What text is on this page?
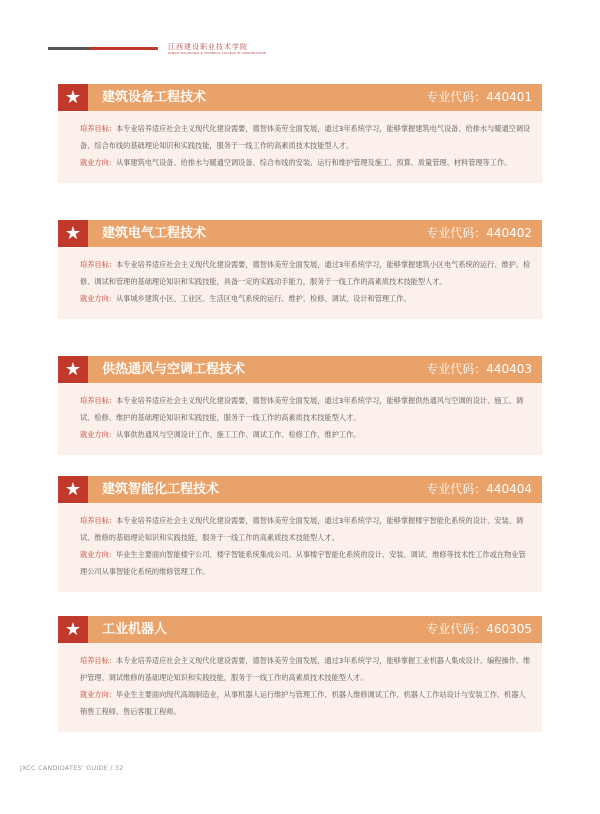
江西建设职业技术学院
JIANGXI VOCATIONAL & TECHNICAL COLLEGE OF CONSTRUCTION
★	建筑设备工程技术	专业代码：440401
培养目标：本专业培养适应社会主义现代化建设需要，德智体美劳全面发展，通过3年系统学习，能够掌握建筑电气设备、给排水与暖通空调设备、综合布线的基础理论知识和实践技能，服务于一线工作的高素质技术技能型人才。
就业方向：从事建筑电气设备、给排水与暖通空调设备、综合布线的安装、运行和维护管理及施工、预算、质量管理、材料管理等工作。
★	建筑电气工程技术	专业代码：440402
培养目标：本专业培养适应社会主义现代化建设需要，德智体美劳全面发展，通过3年系统学习，能够掌握建筑小区电气系统的运行、维护、检修、调试和管理的基础理论知识和实践技能，具备一定的实践动手能力，服务于一线工作的高素质技术技能型人才。
就业方向：从事城乡建筑小区、工业区、生活区电气系统的运行、维护、检修、调试、设计和管理工作。
★	供热通风与空调工程技术	专业代码：440403
培养目标：本专业培养适应社会主义现代化建设需要，德智体美劳全面发展，通过3年系统学习，能够掌握供热通风与空调的设计、施工、调试、检修、维护的基础理论知识和实践技能，服务于一线工作的高素质技术技能型人才。
就业方向：从事供热通风与空调设计工作、施工工作、调试工作、检修工作、维护工作。
★	建筑智能化工程技术	专业代码：440404
培养目标：本专业培养适应社会主义现代化建设需要，德智体美劳全面发展，通过3年系统学习，能够掌握楼宇智能化系统的设计、安装、调试、维修的基础理论知识和实践技能，服务于一线工作的高素质技术技能型人才。
就业方向：毕业生主要面向智能楼宇公司、楼宇智能系统集成公司。从事楼宇智能化系统的设计、安装、调试、维修等技术性工作或在物业管理公司从事智能化系统的维修管理工作。
★	工业机器人	专业代码：460305
培养目标：本专业培养适应社会主义现代化建设需要，德智体美劳全面发展，通过3年系统学习，能够掌握工业机器人集成设计、编程操作、维护管理、调试维修的基础理论知识和实践技能，服务于一线工作的高素质技术技能型人才。
就业方向：毕业生主要面向现代高端制造业，从事机器人运行维护与管理工作、机器人维修调试工作、机器人工作站设计与安装工作、机器人销售工程师、售后客服工程师。
JXCC CANDIDATES' GUIDE / 32
